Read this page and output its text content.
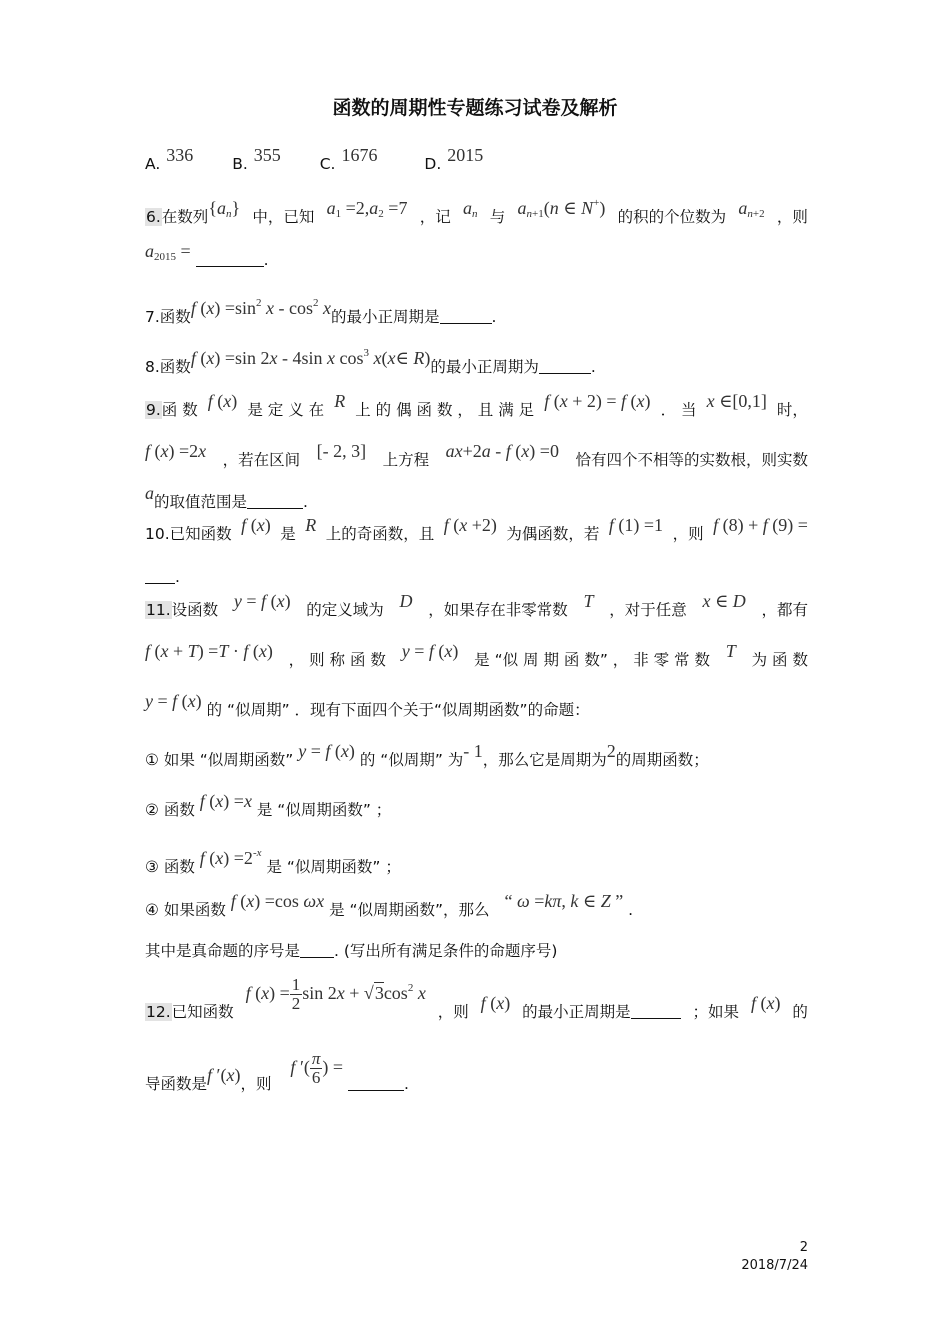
函数的周期性专题练习试卷及解析
A. 336	B. 355	C. 1676	D. 2015
6.在数列$\{a_n\}$ 中，已知 $a_1 =2,a_2 =7$ ，记 $a_n$ 与 $a_{n+1}(n$ ∈ N+) 的积的个位数为 $a_{n+2}$ ，则
$a_{2015}$ =	.
7.函数f $(x) =\sin^2$ x - $\cos^2 x$的最小正周期是	.
8.函数f (x) =sin 2x - 4sin x $\cos^3$ x(x∈ R)的最小正周期为	.
9.函 数 f (x) 是 定 义 在 R 上 的 偶 函 数 ， 且 满 足 f (x + 2) = f (x) ． 当 x ∈[0,1] 时，
f (x) =2x ，若在区间 [- 2, 3] 上方程 ax+2a - f (x) =0 恰有四个不相等的实数根，则实数
a的取值范围是	.
10.已知函数 f (x) 是 R 上的奇函数，且 f (x +2) 为偶函数，若 f (1) =1 ，则 f (8) + f (9) =
.
11.设函数 y = f (x) 的定义域为 D ，如果存在非零常数 T ，对于任意 x ∈ D ，都有
f (x + T) =T · f (x) ， 则 称 函 数 y = f (x) 是 “似 周 期 函 数” ， 非 零 常 数 T 为 函 数
y = f (x) 的 “似周期” ．现有下面四个关于“似周期函数”的命题：
① 如果 “似周期函数” y = f (x) 的 “似周期” 为- 1，那么它是周期为2的周期函数；
② 函数 f (x) =x 是 “似周期函数” ；
③ 函数 f $(x) =2^{-x}$ 是 “似周期函数” ；
④ 如果函数 f (x) =cos ωx 是 “似周期函数”，那么 “ ω =kπ, k ∈ Z ” .
其中是真命题的序号是 . (写出所有满足条件的命题序号)
12.已知函数
f $(x) = \frac{1}{2}$ $\sin 2x + √3\cos^2$ x
，则 f (x) 的最小正周期是	；如果 f (x) 的
导函数是f ′(x)，则 f ′( $\frac{\pi}{6}$ ) = .
2
2018/7/24
